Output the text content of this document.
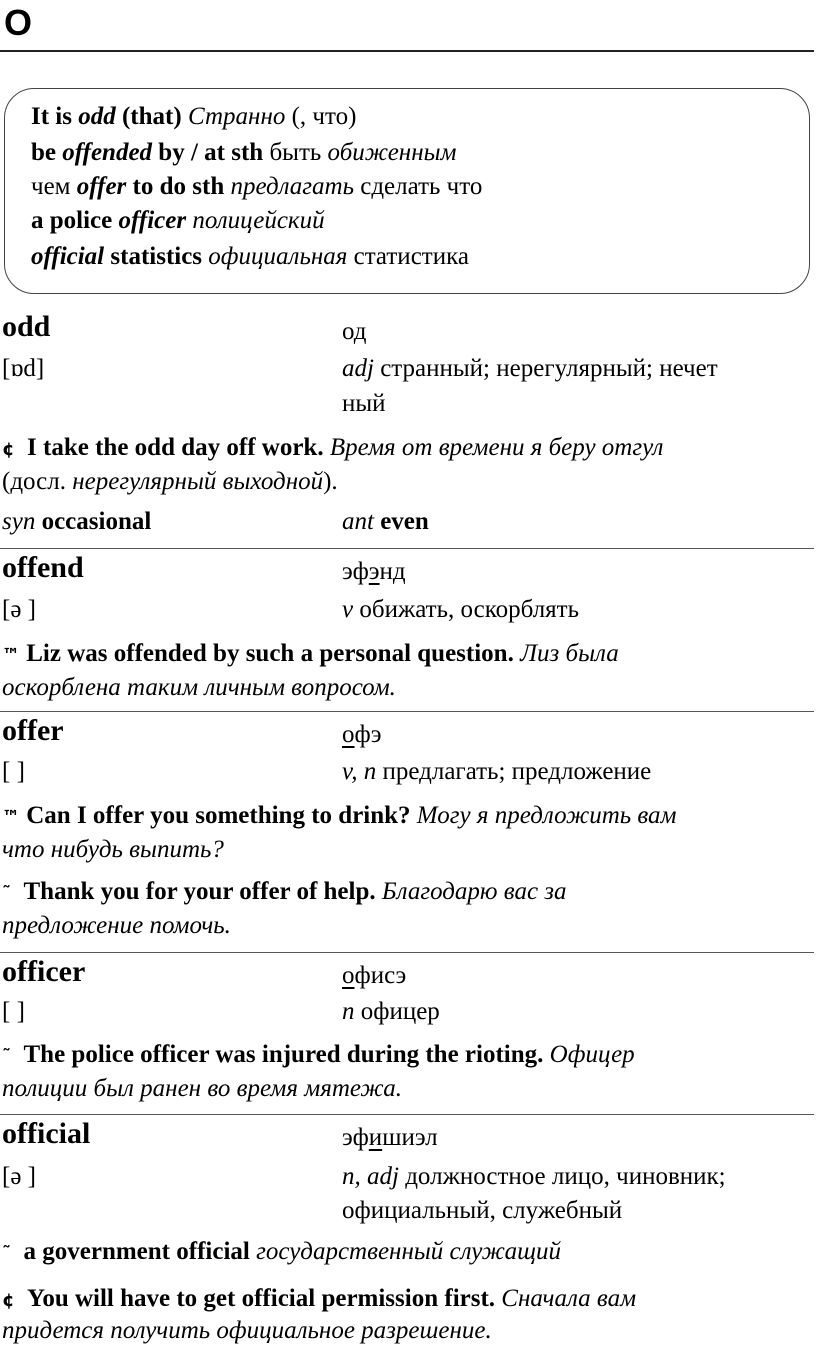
O
It is odd (that) Странно (, что)
be offended by / at sth быть обиженным
чем offer to do sth предлагать сделать что
a police officer полицейский
official statistics официальная статистика
odd	од
[ɒd]	adj странный; нерегулярный; нечет
ный
¢ I take the odd day off work. Время от времени я беру отгул
(досл. нерегулярный выходной).
syn occasional	ant even
offend	эфэнд
[ə ]	v обижать, оскорблять
™ Liz was offended by such a personal question. Лиз была
оскорблена таким личным вопросом.
offer	офэ
[ ]	v, n предлагать; предложение
™ Can I offer you something to drink? Могу я предложить вам
что нибудь выпить?
˜ Thank you for your offer of help. Благодарю вас за
предложение помочь.
officer	офисэ
[ ]	n офицер
˜ The police officer was injured during the rioting. Офицер
полиции был ранен во время мятежа.
official	эфишиэл
[ə ]	n, adj должностное лицо, чиновник;
официальный, служебный
˜ a government official государственный служащий
¢ You will have to get official permission first. Сначала вам
придется получить официальное разрешение.
